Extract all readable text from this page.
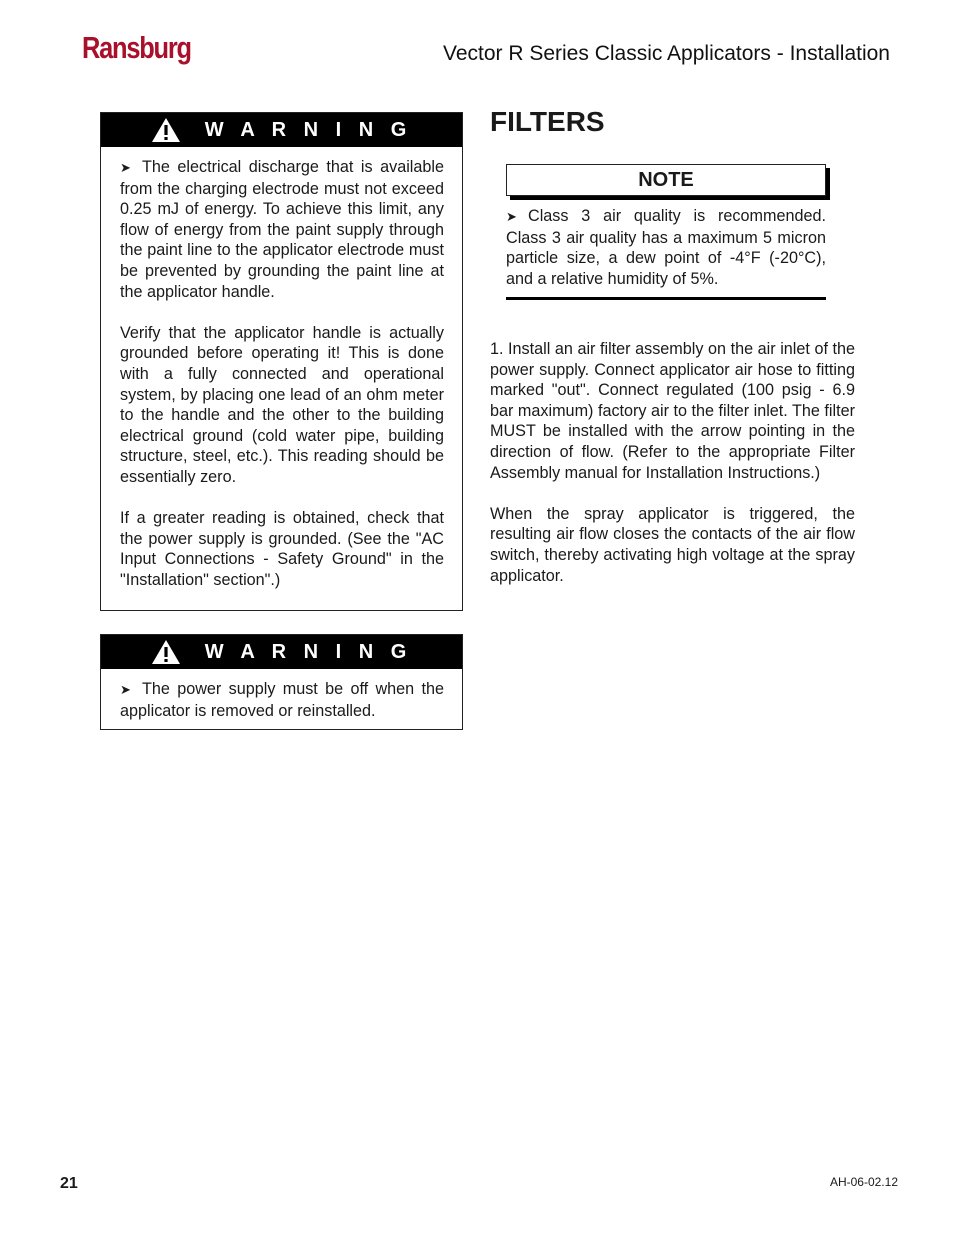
Ransburg	Vector R Series Classic Applicators - Installation
W A R N I N G

➤ The electrical discharge that is available from the charging electrode must not exceed 0.25 mJ of energy. To achieve this limit, any flow of energy from the paint supply through the paint line to the applicator electrode must be prevented by grounding the paint line at the applicator handle.

Verify that the applicator handle is actually grounded before operating it! This is done with a fully connected and operational system, by placing one lead of an ohm meter to the handle and the other to the building electrical ground (cold water pipe, building structure, steel, etc.). This reading should be essentially zero.

If a greater reading is obtained, check that the power supply is grounded. (See the "AC Input Connections - Safety Ground" in the "Installation" section".)

W A R N I N G

➤ The power supply must be off when the applicator is removed or reinstalled.

FILTERS
NOTE
➤ Class 3 air quality is recommended. Class 3 air quality has a maximum 5 micron particle size, a dew point of -4°F (-20°C), and a relative humidity of 5%.

1. Install an air filter assembly on the air inlet of the power supply. Connect applicator air hose to fitting marked "out". Connect regulated (100 psig - 6.9 bar maximum) factory air to the filter inlet. The filter MUST be installed with the arrow pointing in the direction of flow. (Refer to the appropriate Filter Assembly manual for Installation Instructions.)

When the spray applicator is triggered, the resulting air flow closes the contacts of the air flow switch, thereby activating high voltage at the spray applicator.

21	AH-06-02.12
